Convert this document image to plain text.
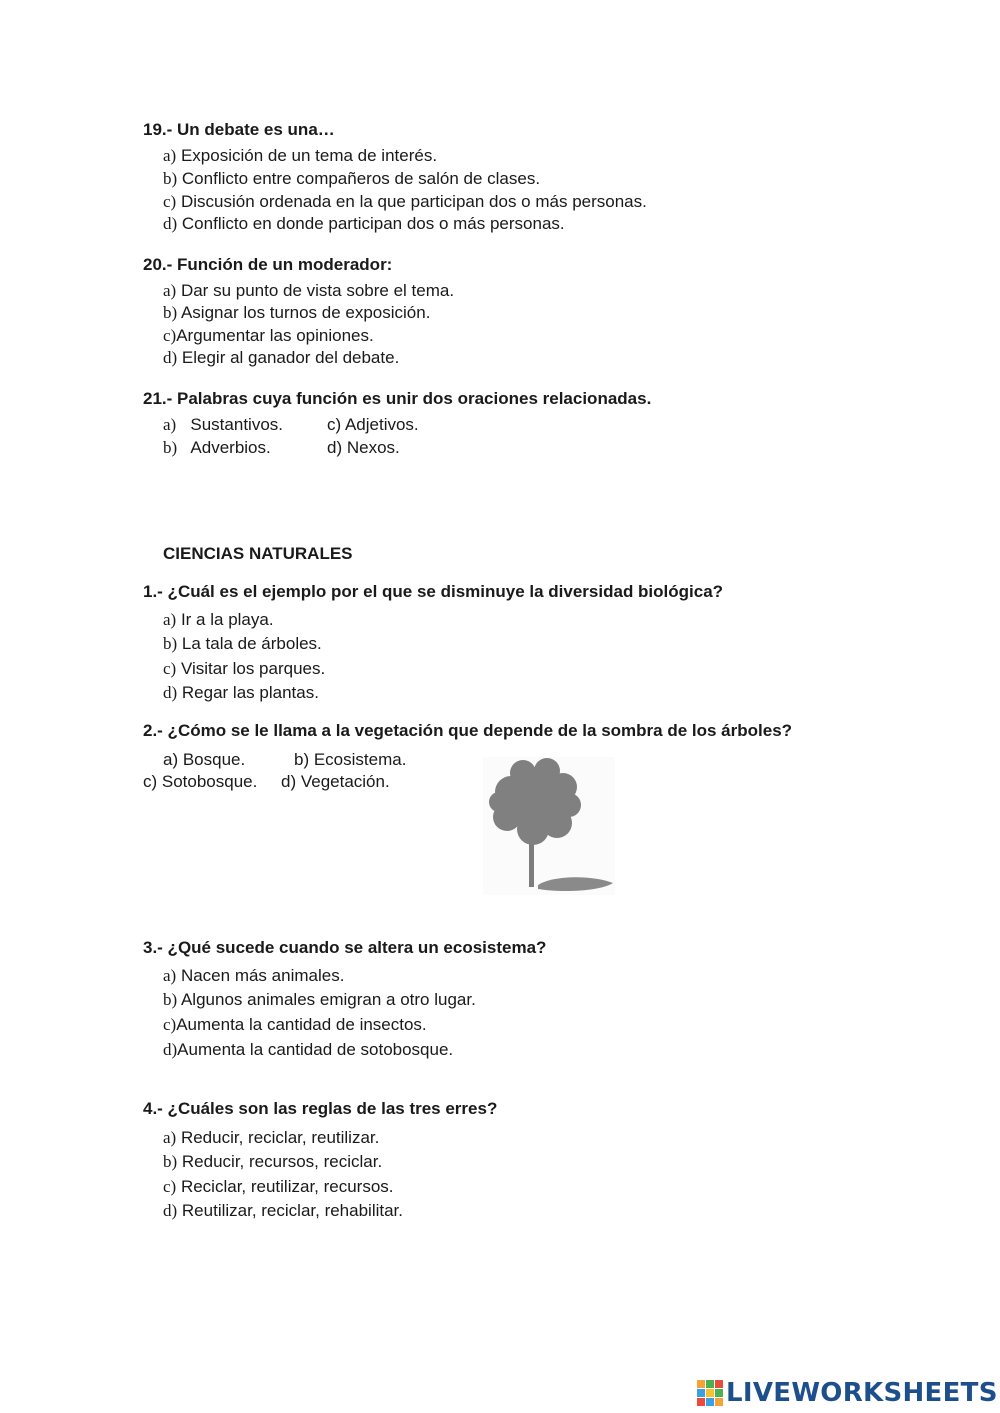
19.- Un debate es una…
a) Exposición de un tema de interés.
b) Conflicto entre compañeros de salón de clases.
c) Discusión ordenada en la que participan dos o más personas.
d) Conflicto en donde participan dos o más personas.
20.- Función de un moderador:
a) Dar su punto de vista sobre el tema.
b) Asignar los turnos de exposición.
c)Argumentar las opiniones.
d) Elegir al ganador del debate.
21.- Palabras cuya función es unir dos oraciones relacionadas.
a) Sustantivos.	c) Adjetivos.
b) Adverbios.	d) Nexos.
CIENCIAS NATURALES
1.- ¿Cuál es el ejemplo por el que se disminuye la diversidad biológica?
a) Ir a la playa.
b) La tala de árboles.
c) Visitar los parques.
d) Regar las plantas.
2.- ¿Cómo se le llama a la vegetación que depende de la sombra de los árboles?
a) Bosque.	b) Ecosistema.
c) Sotobosque. d) Vegetación.
3.- ¿Qué sucede cuando se altera un ecosistema?
a) Nacen más animales.
b) Algunos animales emigran a otro lugar.
c)Aumenta la cantidad de insectos.
d)Aumenta la cantidad de sotobosque.
4.- ¿Cuáles son las reglas de las tres erres?
a) Reducir, reciclar, reutilizar.
b) Reducir, recursos, reciclar.
c) Reciclar, reutilizar, recursos.
d) Reutilizar, reciclar, rehabilitar.
LIVEWORKSHEETS
